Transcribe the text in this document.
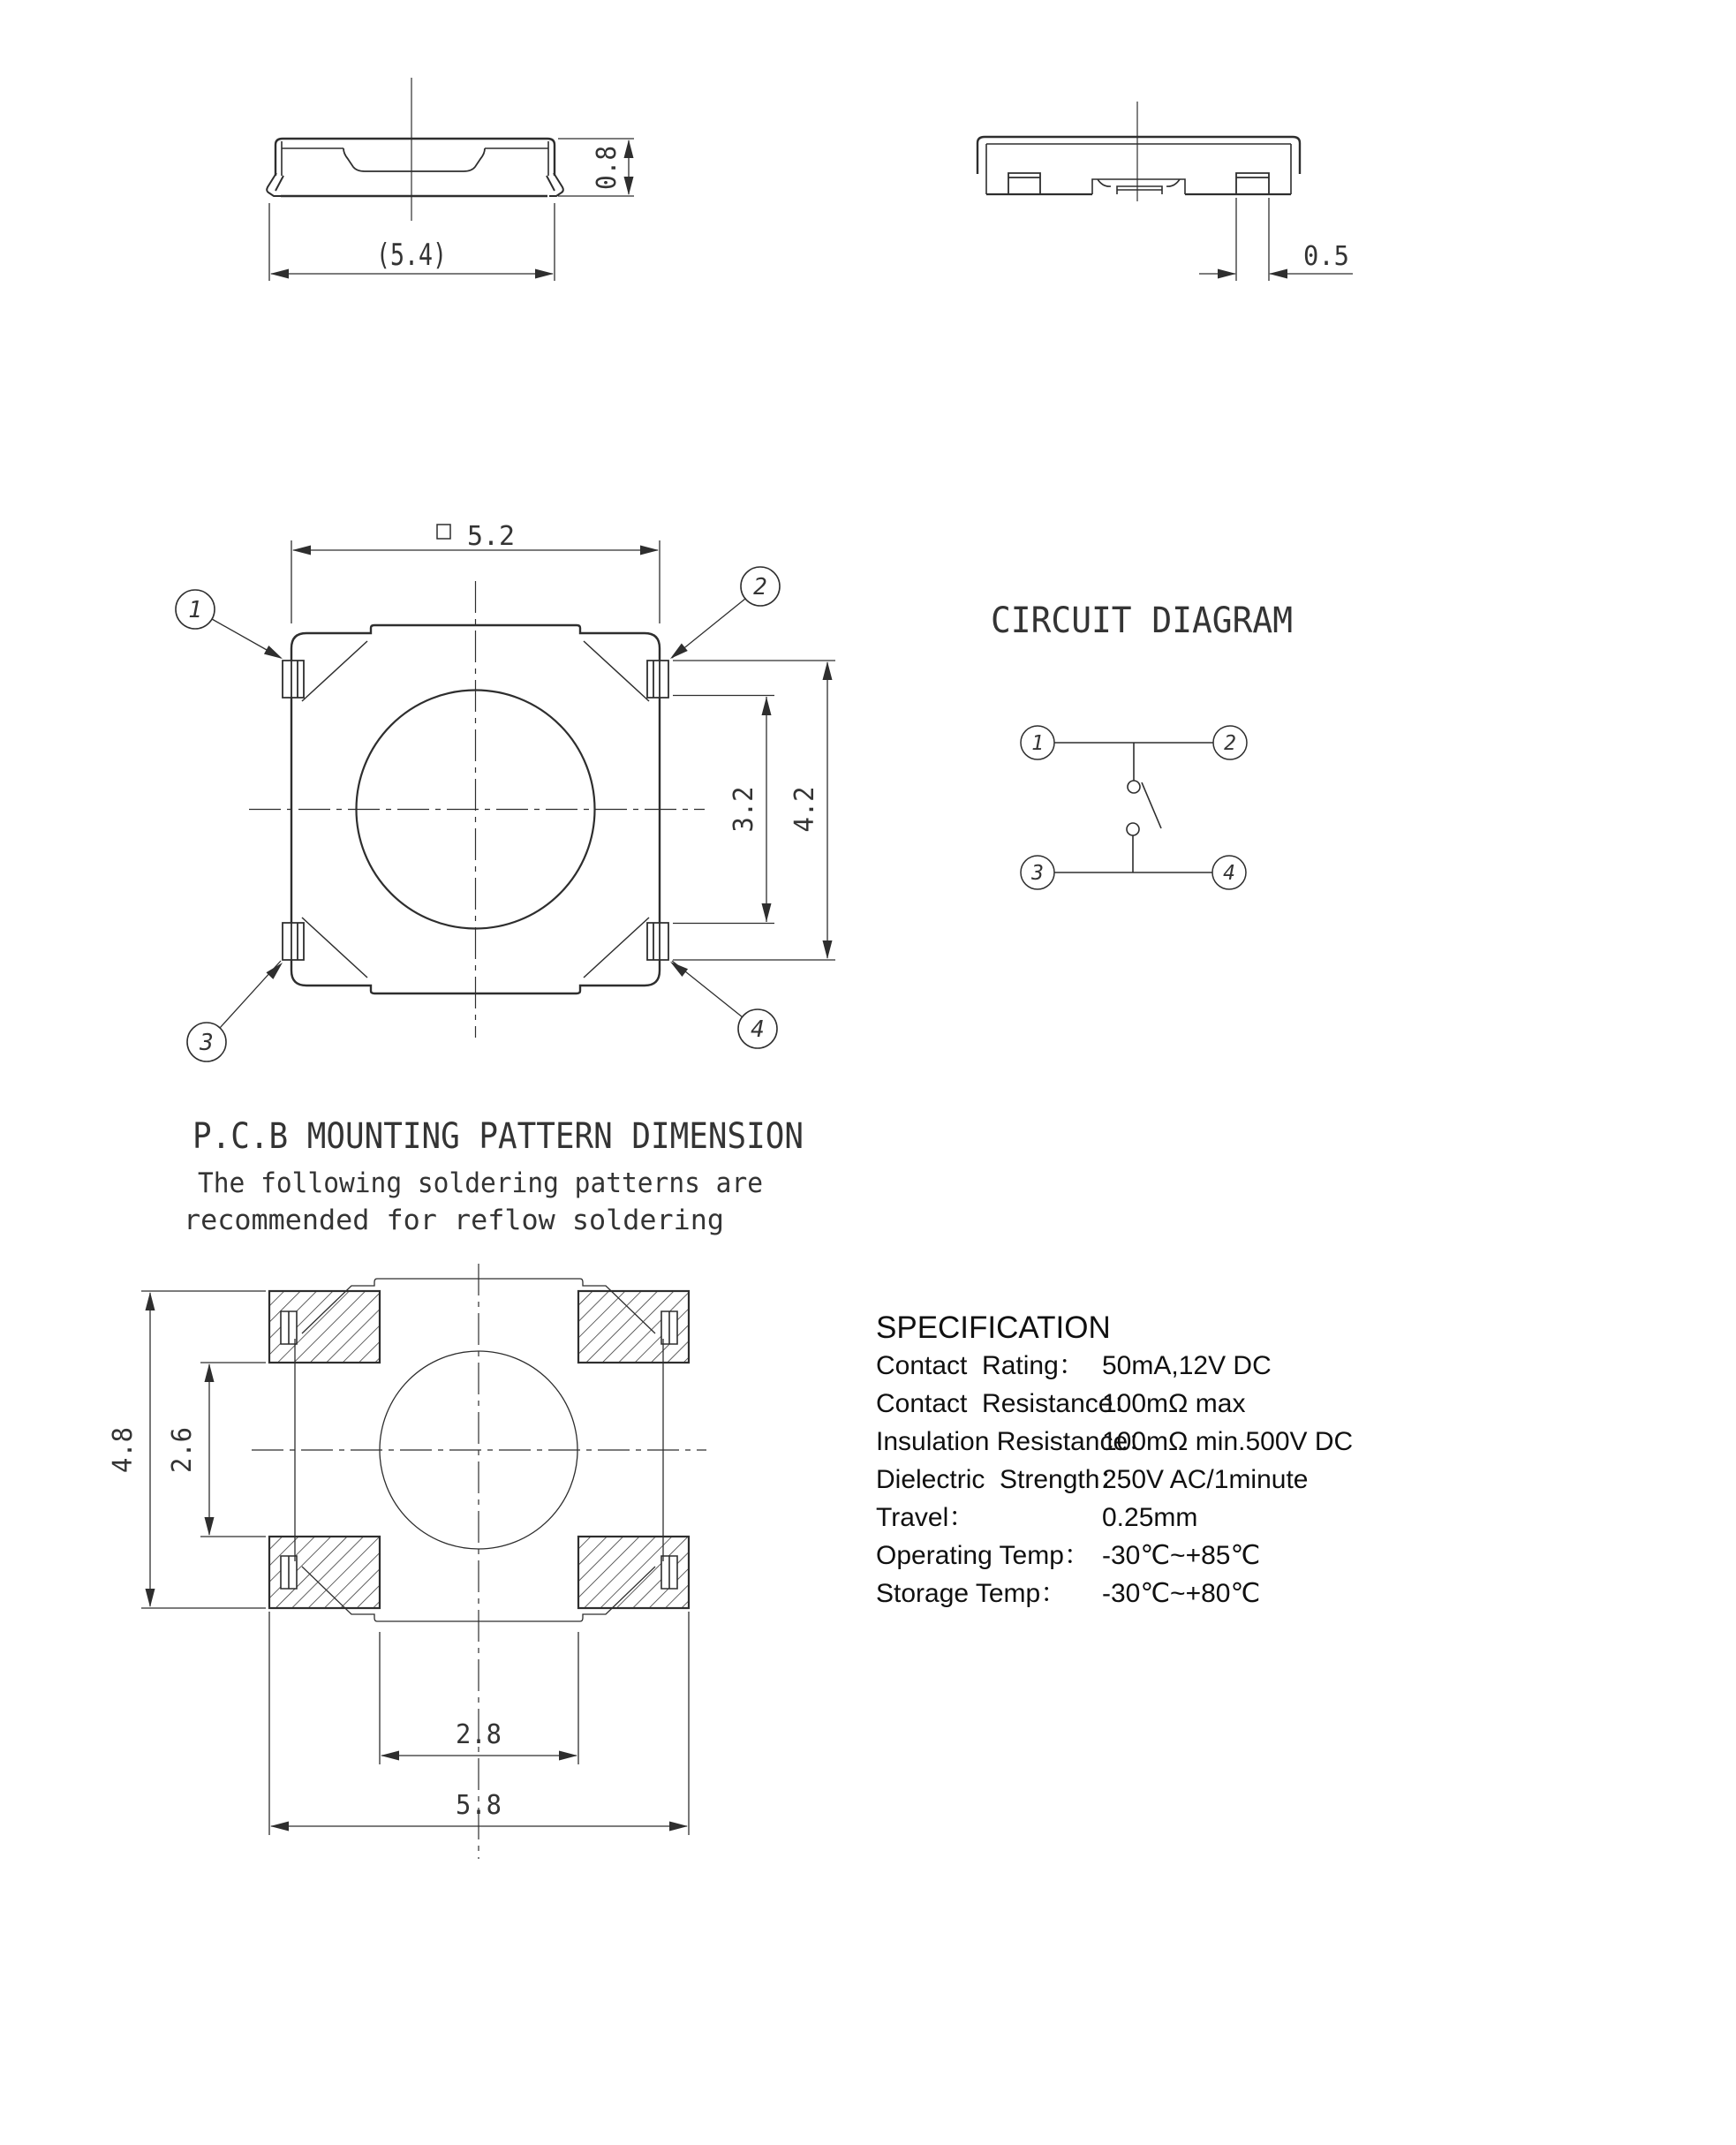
(5.4)
0.8
0.5
5.2
3.2 4.2
1
2
3	4
CIRCUIT DIAGRAM
1	2
3	4
P.C.B MOUNTING PATTERN DIMENSION
The following soldering patterns are
recommended for reflow soldering
4.8 2.6
2.8
5.8
SPECIFICATION
Contact  Rating： 50mA,12V DC
Contact  Resistance：
100mΩ max
Insulation Resistance：
100mΩ min.500V DC
Dielectric  Strength：
250V AC/1minute
Travel：	0.25mm
Operating Temp： -30℃~+85℃
Storage Temp： -30℃~+80℃
